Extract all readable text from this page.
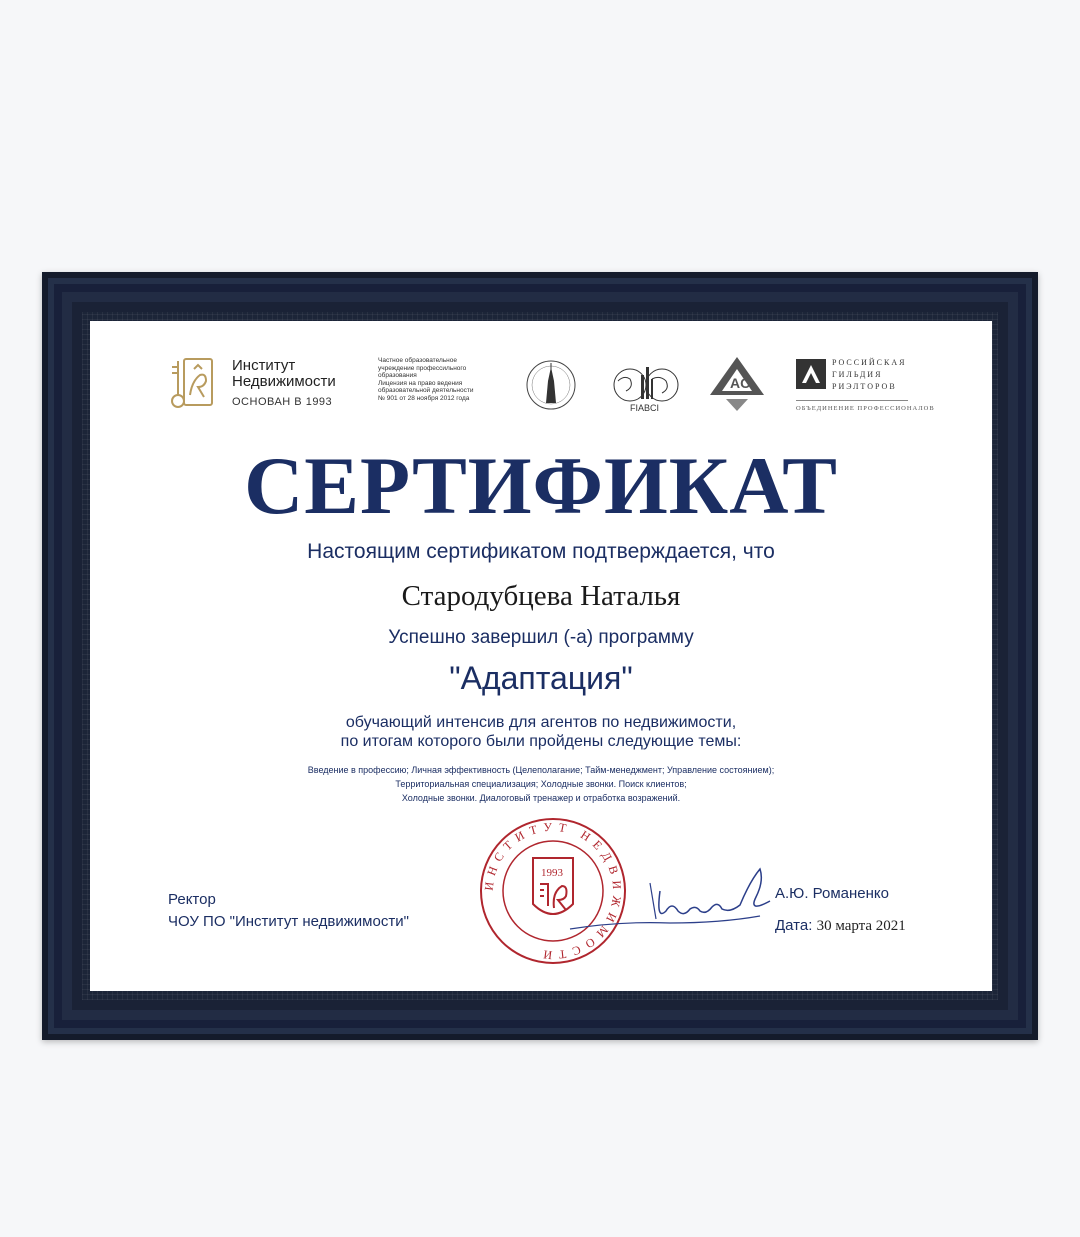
Институт
Недвижимости
ОСНОВАН В 1993
Частное образовательное
учреждение профессильного
образования
Лицензия на право ведения
образовательной деятельности
№ 901 от 28 ноября 2012 года
FIABCI
AC
РОССИЙСКАЯ
ГИЛЬДИЯ
РИЭЛТОРОВ
ОБЪЕДИНЕНИЕ ПРОФЕССИОНАЛОВ
СЕРТИФИКАТ
Настоящим сертификатом подтверждается, что
Стародубцева Наталья
Успешно завершил (-а) программу
"Адаптация"
обучающий интенсив для агентов по недвижимости,
по итогам которого были пройдены следующие темы:
Введение в профессию; Личная эффективность (Целеполагание; Тайм-менеджмент; Управление состоянием);
Территориальная специализация; Холодные звонки. Поиск клиентов;
Холодные звонки. Диалоговый тренажер и отработка возражений.
Ректор
ЧОУ ПО "Институт недвижимости"
ИНСТИТУТ НЕДВИЖИМОСТИ
1993
А.Ю. Романенко
Дата: 30 марта 2021
